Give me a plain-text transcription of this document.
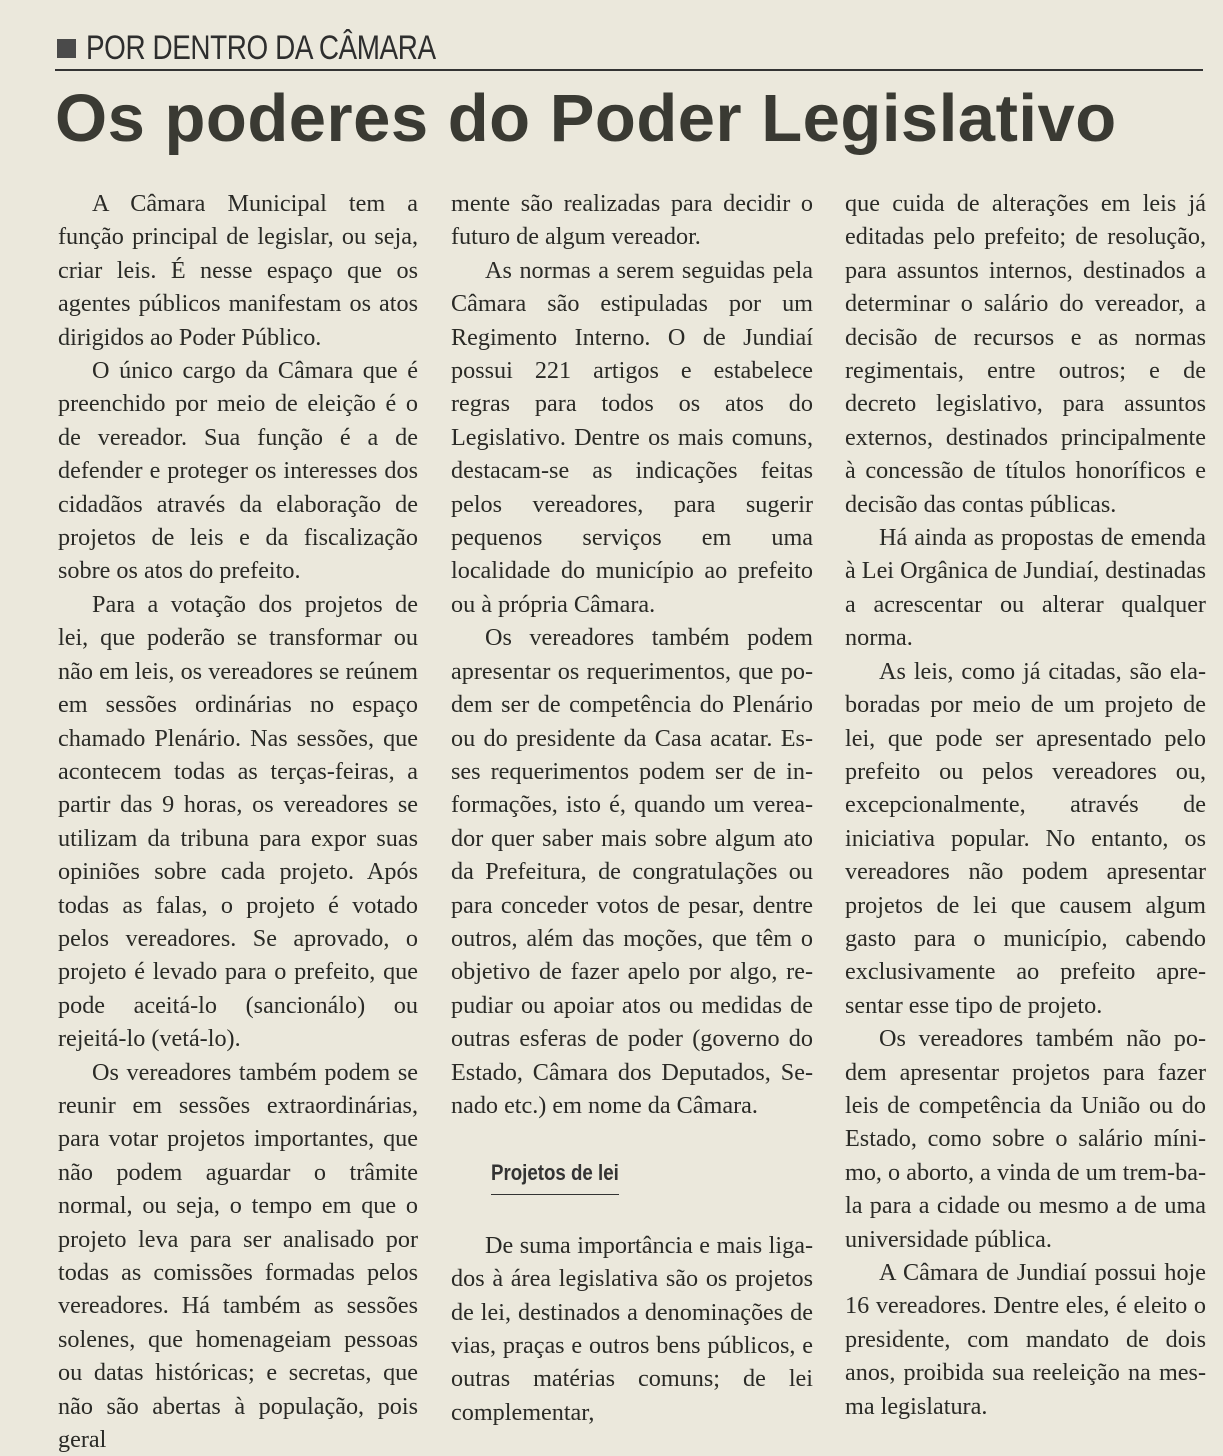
POR DENTRO DA CÂMARA
Os poderes do Poder Legislativo

A Câmara Municipal tem a função principal de legislar, ou seja, criar leis. É nesse espaço que os agentes públicos manifestam os atos dirigidos ao Poder Público.

O único cargo da Câmara que é preenchido por meio de eleição é o de vereador. Sua função é a de defender e proteger os interesses dos cidadãos através da elaboração de projetos de leis e da fiscalização sobre os atos do prefeito.

Para a votação dos projetos de lei, que poderão se transformar ou não em leis, os vereadores se reúnem em sessões ordinárias no espaço chamado Plenário. Nas sessões, que acontecem todas as terças-feiras, a partir das 9 horas, os vereadores se utilizam da tribuna para expor suas opiniões sobre cada projeto. Após todas as falas, o projeto é votado pelos vereadores. Se aprovado, o projeto é levado para o prefeito, que pode aceitá-lo (sancionálo) ou rejeitá-lo (vetá-lo).

Os vereadores também podem se reunir em sessões extraordinárias, para votar projetos importantes, que não podem aguardar o trâmite normal, ou seja, o tempo em que o projeto leva para ser analisado por todas as comissões formadas pelos vereadores. Há também as sessões solenes, que homenageiam pessoas ou datas históricas; e secretas, que não são abertas à população, pois geral

mente são realizadas para decidir o futuro de algum vereador.

As normas a serem seguidas pela Câmara são estipuladas por um Regimento Interno. O de Jundiaí possui 221 artigos e estabelece regras para todos os atos do Legislativo. Dentre os mais comuns, destacam-se as indicações feitas pelos vereadores, para sugerir pequenos serviços em uma localidade do município ao prefeito ou à própria Câmara.

Os vereadores também podem apresentar os requerimentos, que podem ser de competência do Plenário ou do presidente da Casa acatar. Esses requerimentos podem ser de informações, isto é, quando um vereador quer saber mais sobre algum ato da Prefeitura, de congratulações ou para conceder votos de pesar, dentre outros, além das moções, que têm o objetivo de fazer apelo por algo, repudiar ou apoiar atos ou medidas de outras esferas de poder (governo do Estado, Câmara dos Deputados, Senado etc.) em nome da Câmara.

Projetos de lei

De suma importância e mais ligados à área legislativa são os projetos de lei, destinados a denominações de vias, praças e outros bens públicos, e outras matérias comuns; de lei complementar,

que cuida de alterações em leis já editadas pelo prefeito; de resolução, para assuntos internos, destinados a determinar o salário do vereador, a decisão de recursos e as normas regimentais, entre outros; e de decreto legislativo, para assuntos externos, destinados principalmente à concessão de títulos honoríficos e decisão das contas públicas.

Há ainda as propostas de emenda à Lei Orgânica de Jundiaí, destinadas a acrescentar ou alterar qualquer norma.

As leis, como já citadas, são elaboradas por meio de um projeto de lei, que pode ser apresentado pelo prefeito ou pelos vereadores ou, excepcionalmente, através de iniciativa popular. No entanto, os vereadores não podem apresentar projetos de lei que causem algum gasto para o município, cabendo exclusivamente ao prefeito apresentar esse tipo de projeto.

Os vereadores também não podem apresentar projetos para fazer leis de competência da União ou do Estado, como sobre o salário mínimo, o aborto, a vinda de um trem-bala para a cidade ou mesmo a de uma universidade pública.

A Câmara de Jundiaí possui hoje 16 vereadores. Dentre eles, é eleito o presidente, com mandato de dois anos, proibida sua reeleição na mesma legislatura.
